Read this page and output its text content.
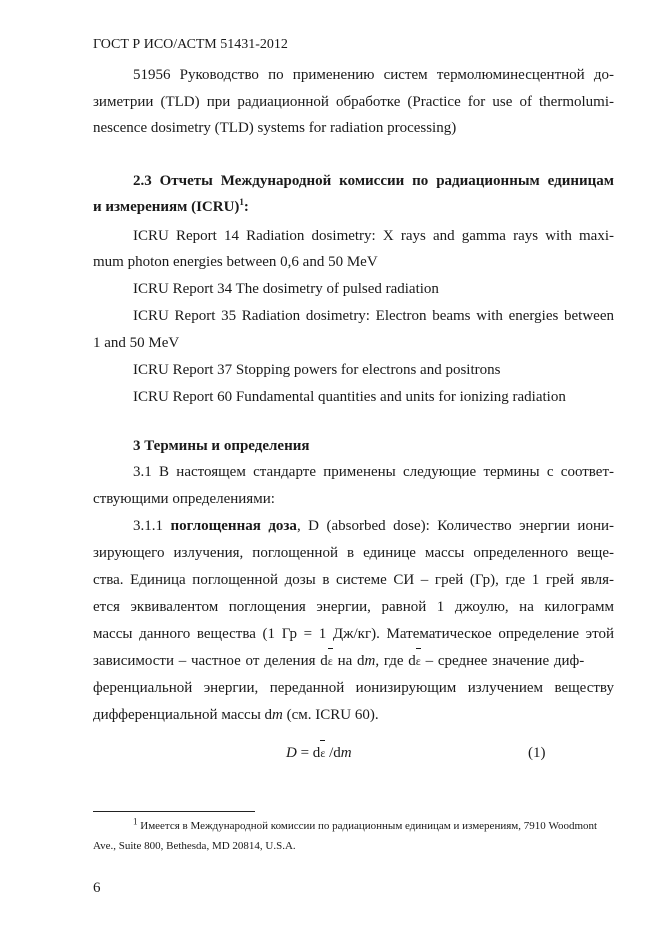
ГОСТ Р ИСО/АСТМ 51431-2012
51956 Руководство по применению систем термолюминесцентной до-
зиметрии (TLD) при радиационной обработке (Practice for use of thermolumi-
nescence dosimetry (TLD) systems for radiation processing)
2.3 Отчеты Международной комиссии по радиационным единицам
и измерениям (ICRU)$^1$:
ICRU Report 14 Radiation dosimetry: X rays and gamma rays with maxi-
mum photon energies between 0,6 and 50 MeV
ICRU Report 34 The dosimetry of pulsed radiation
ICRU Report 35 Radiation dosimetry: Electron beams with energies between
1 and 50 MeV
ICRU Report 37 Stopping powers for electrons and positrons
ICRU Report 60 Fundamental quantities and units for ionizing radiation
3 Термины и определения
3.1 В настоящем стандарте применены следующие термины с соответ-
ствующими определениями:
3.1.1 поглощенная доза, D (absorbed dose): Количество энергии иони-
зирующего излучения, поглощенной в единице массы определенного веще-
ства. Единица поглощенной дозы в системе СИ – грей (Гр), где 1 грей явля-
ется эквивалентом поглощения энергии, равной 1 джоулю, на килограмм
массы данного вещества (1 Гр = 1 Дж/кг). Математическое определение этой
зависимости – частное от деления dε на dm, где dε – среднее значение диф-
ференциальной энергии, переданной ионизирующим излучением веществу
дифференциальной массы dm (см. ICRU 60).
D = dε /dm	(1)
$^1$ Имеется в Международной комиссии по радиационным единицам и измерениям, 7910 Woodmont
Ave., Suite 800, Bethesda, MD 20814, U.S.A.
6
